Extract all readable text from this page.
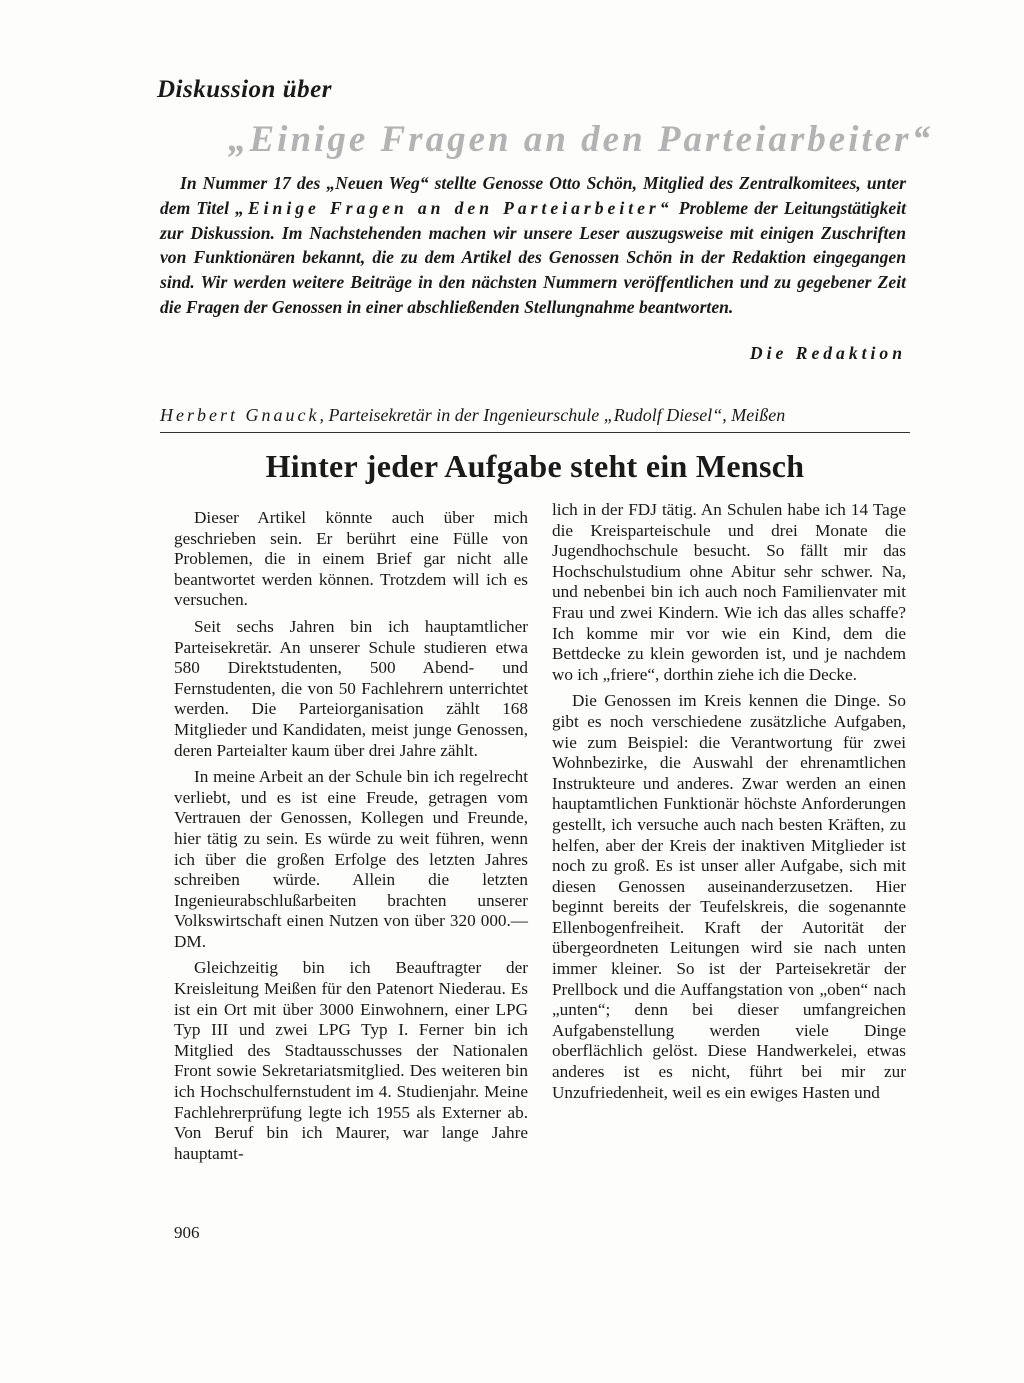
Diskussion über

„Einige Fragen an den Parteiarbeiter“

In Nummer 17 des „Neuen Weg“ stellte Genosse Otto Schön, Mitglied des Zentralkomitees, unter dem Titel „Einige Fragen an den Parteiarbeiter“ Probleme der Leitungstätigkeit zur Diskussion. Im Nachstehenden machen wir unsere Leser auszugsweise mit einigen Zuschriften von Funktionären bekannt, die zu dem Artikel des Genossen Schön in der Redaktion eingegangen sind. Wir werden weitere Beiträge in den nächsten Nummern veröffentlichen und zu gegebener Zeit die Fragen der Genossen in einer abschließenden Stellungnahme beantworten.

Die Redaktion

Herbert Gnauck, Parteisekretär in der Ingenieurschule „Rudolf Diesel“, Meißen

Hinter jeder Aufgabe steht ein Mensch

Dieser Artikel könnte auch über mich geschrieben sein. Er berührt eine Fülle von Problemen, die in einem Brief gar nicht alle beantwortet werden können. Trotzdem will ich es versuchen.

Seit sechs Jahren bin ich hauptamtlicher Parteisekretär. An unserer Schule studieren etwa 580 Direktstudenten, 500 Abend- und Fernstudenten, die von 50 Fachlehrern unterrichtet werden. Die Parteiorganisation zählt 168 Mitglieder und Kandidaten, meist junge Genossen, deren Parteialter kaum über drei Jahre zählt.

In meine Arbeit an der Schule bin ich regelrecht verliebt, und es ist eine Freude, getragen vom Vertrauen der Genossen, Kollegen und Freunde, hier tätig zu sein. Es würde zu weit führen, wenn ich über die großen Erfolge des letzten Jahres schreiben würde. Allein die letzten Ingenieurabschlußarbeiten brachten unserer Volkswirtschaft einen Nutzen von über 320 000.— DM.

Gleichzeitig bin ich Beauftragter der Kreisleitung Meißen für den Patenort Niederau. Es ist ein Ort mit über 3000 Einwohnern, einer LPG Typ III und zwei LPG Typ I. Ferner bin ich Mitglied des Stadtausschusses der Nationalen Front sowie Sekretariatsmitglied. Des weiteren bin ich Hochschulfernstudent im 4. Studienjahr. Meine Fachlehrerprüfung legte ich 1955 als Externer ab. Von Beruf bin ich Maurer, war lange Jahre hauptamt-

lich in der FDJ tätig. An Schulen habe ich 14 Tage die Kreisparteischule und drei Monate die Jugendhochschule besucht. So fällt mir das Hochschulstudium ohne Abitur sehr schwer. Na, und nebenbei bin ich auch noch Familienvater mit Frau und zwei Kindern. Wie ich das alles schaffe? Ich komme mir vor wie ein Kind, dem die Bettdecke zu klein geworden ist, und je nachdem wo ich „friere“, dorthin ziehe ich die Decke.

Die Genossen im Kreis kennen die Dinge. So gibt es noch verschiedene zusätzliche Aufgaben, wie zum Beispiel: die Verantwortung für zwei Wohnbezirke, die Auswahl der ehrenamtlichen Instrukteure und anderes. Zwar werden an einen hauptamtlichen Funktionär höchste Anforderungen gestellt, ich versuche auch nach besten Kräften, zu helfen, aber der Kreis der inaktiven Mitglieder ist noch zu groß. Es ist unser aller Aufgabe, sich mit diesen Genossen auseinanderzusetzen. Hier beginnt bereits der Teufelskreis, die sogenannte Ellenbogenfreiheit. Kraft der Autorität der übergeordneten Leitungen wird sie nach unten immer kleiner. So ist der Parteisekretär der Prellbock und die Auffangstation von „oben“ nach „unten“; denn bei dieser umfangreichen Aufgabenstellung werden viele Dinge oberflächlich gelöst. Diese Handwerkelei, etwas anderes ist es nicht, führt bei mir zur Unzufriedenheit, weil es ein ewiges Hasten und

906
